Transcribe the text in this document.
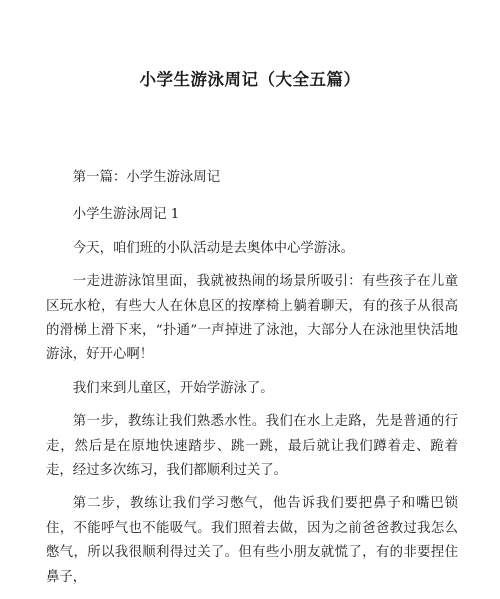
小学生游泳周记（大全五篇）

第一篇：小学生游泳周记

小学生游泳周记 1

今天，咱们班的小队活动是去奥体中心学游泳。

一走进游泳馆里面，我就被热闹的场景所吸引：有些孩子在儿童区玩水枪，有些大人在休息区的按摩椅上躺着聊天，有的孩子从很高的滑梯上滑下来，“扑通”一声掉进了泳池，大部分人在泳池里快活地游泳，好开心啊！

我们来到儿童区，开始学游泳了。

第一步，教练让我们熟悉水性。我们在水上走路，先是普通的行走，然后是在原地快速踏步、跳一跳，最后就让我们蹲着走、跪着走，经过多次练习，我们都顺利过关了。

第二步，教练让我们学习憋气，他告诉我们要把鼻子和嘴巴锁住，不能呼气也不能吸气。我们照着去做，因为之前爸爸教过我怎么憋气，所以我很顺利得过关了。但有些小朋友就慌了，有的非要捏住鼻子，
